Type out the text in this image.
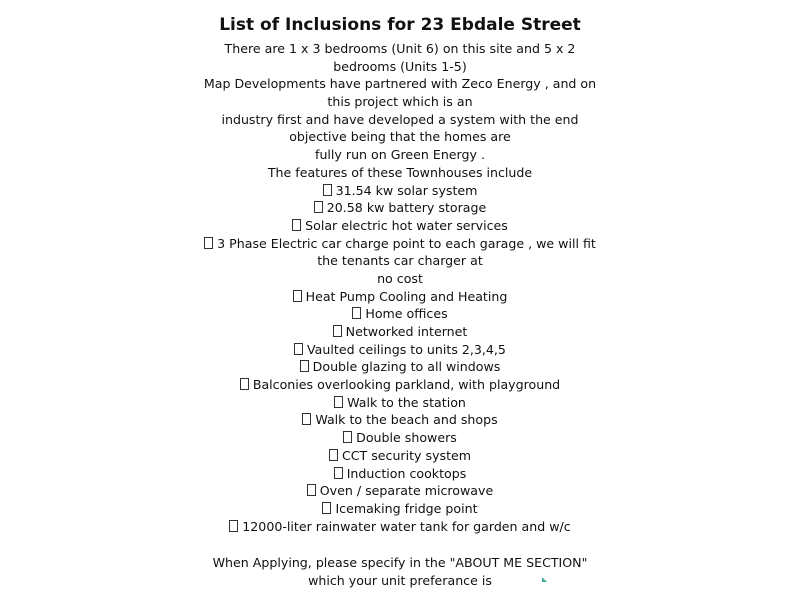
List of Inclusions for 23 Ebdale Street
There are 1 x 3 bedrooms (Unit 6) on this site and 5 x 2
bedrooms (Units 1-5)
Map Developments have partnered with Zeco Energy , and on
this project which is an
industry first and have developed a system with the end
objective being that the homes are
fully run on Green Energy .
The features of these Townhouses include
31.54 kw solar system
20.58 kw battery storage
Solar electric hot water services
3 Phase Electric car charge point to each garage , we will fit
the tenants car charger at
no cost
Heat Pump Cooling and Heating
Home offices
Networked internet
Vaulted ceilings to units 2,3,4,5
Double glazing to all windows
Balconies overlooking parkland, with playground
Walk to the station
Walk to the beach and shops
Double showers
CCT security system
Induction cooktops
Oven / separate microwave
Icemaking fridge point
12000-liter rainwater water tank for garden and w/c
When Applying, please specify in the "ABOUT ME SECTION"
which your unit preferance is
